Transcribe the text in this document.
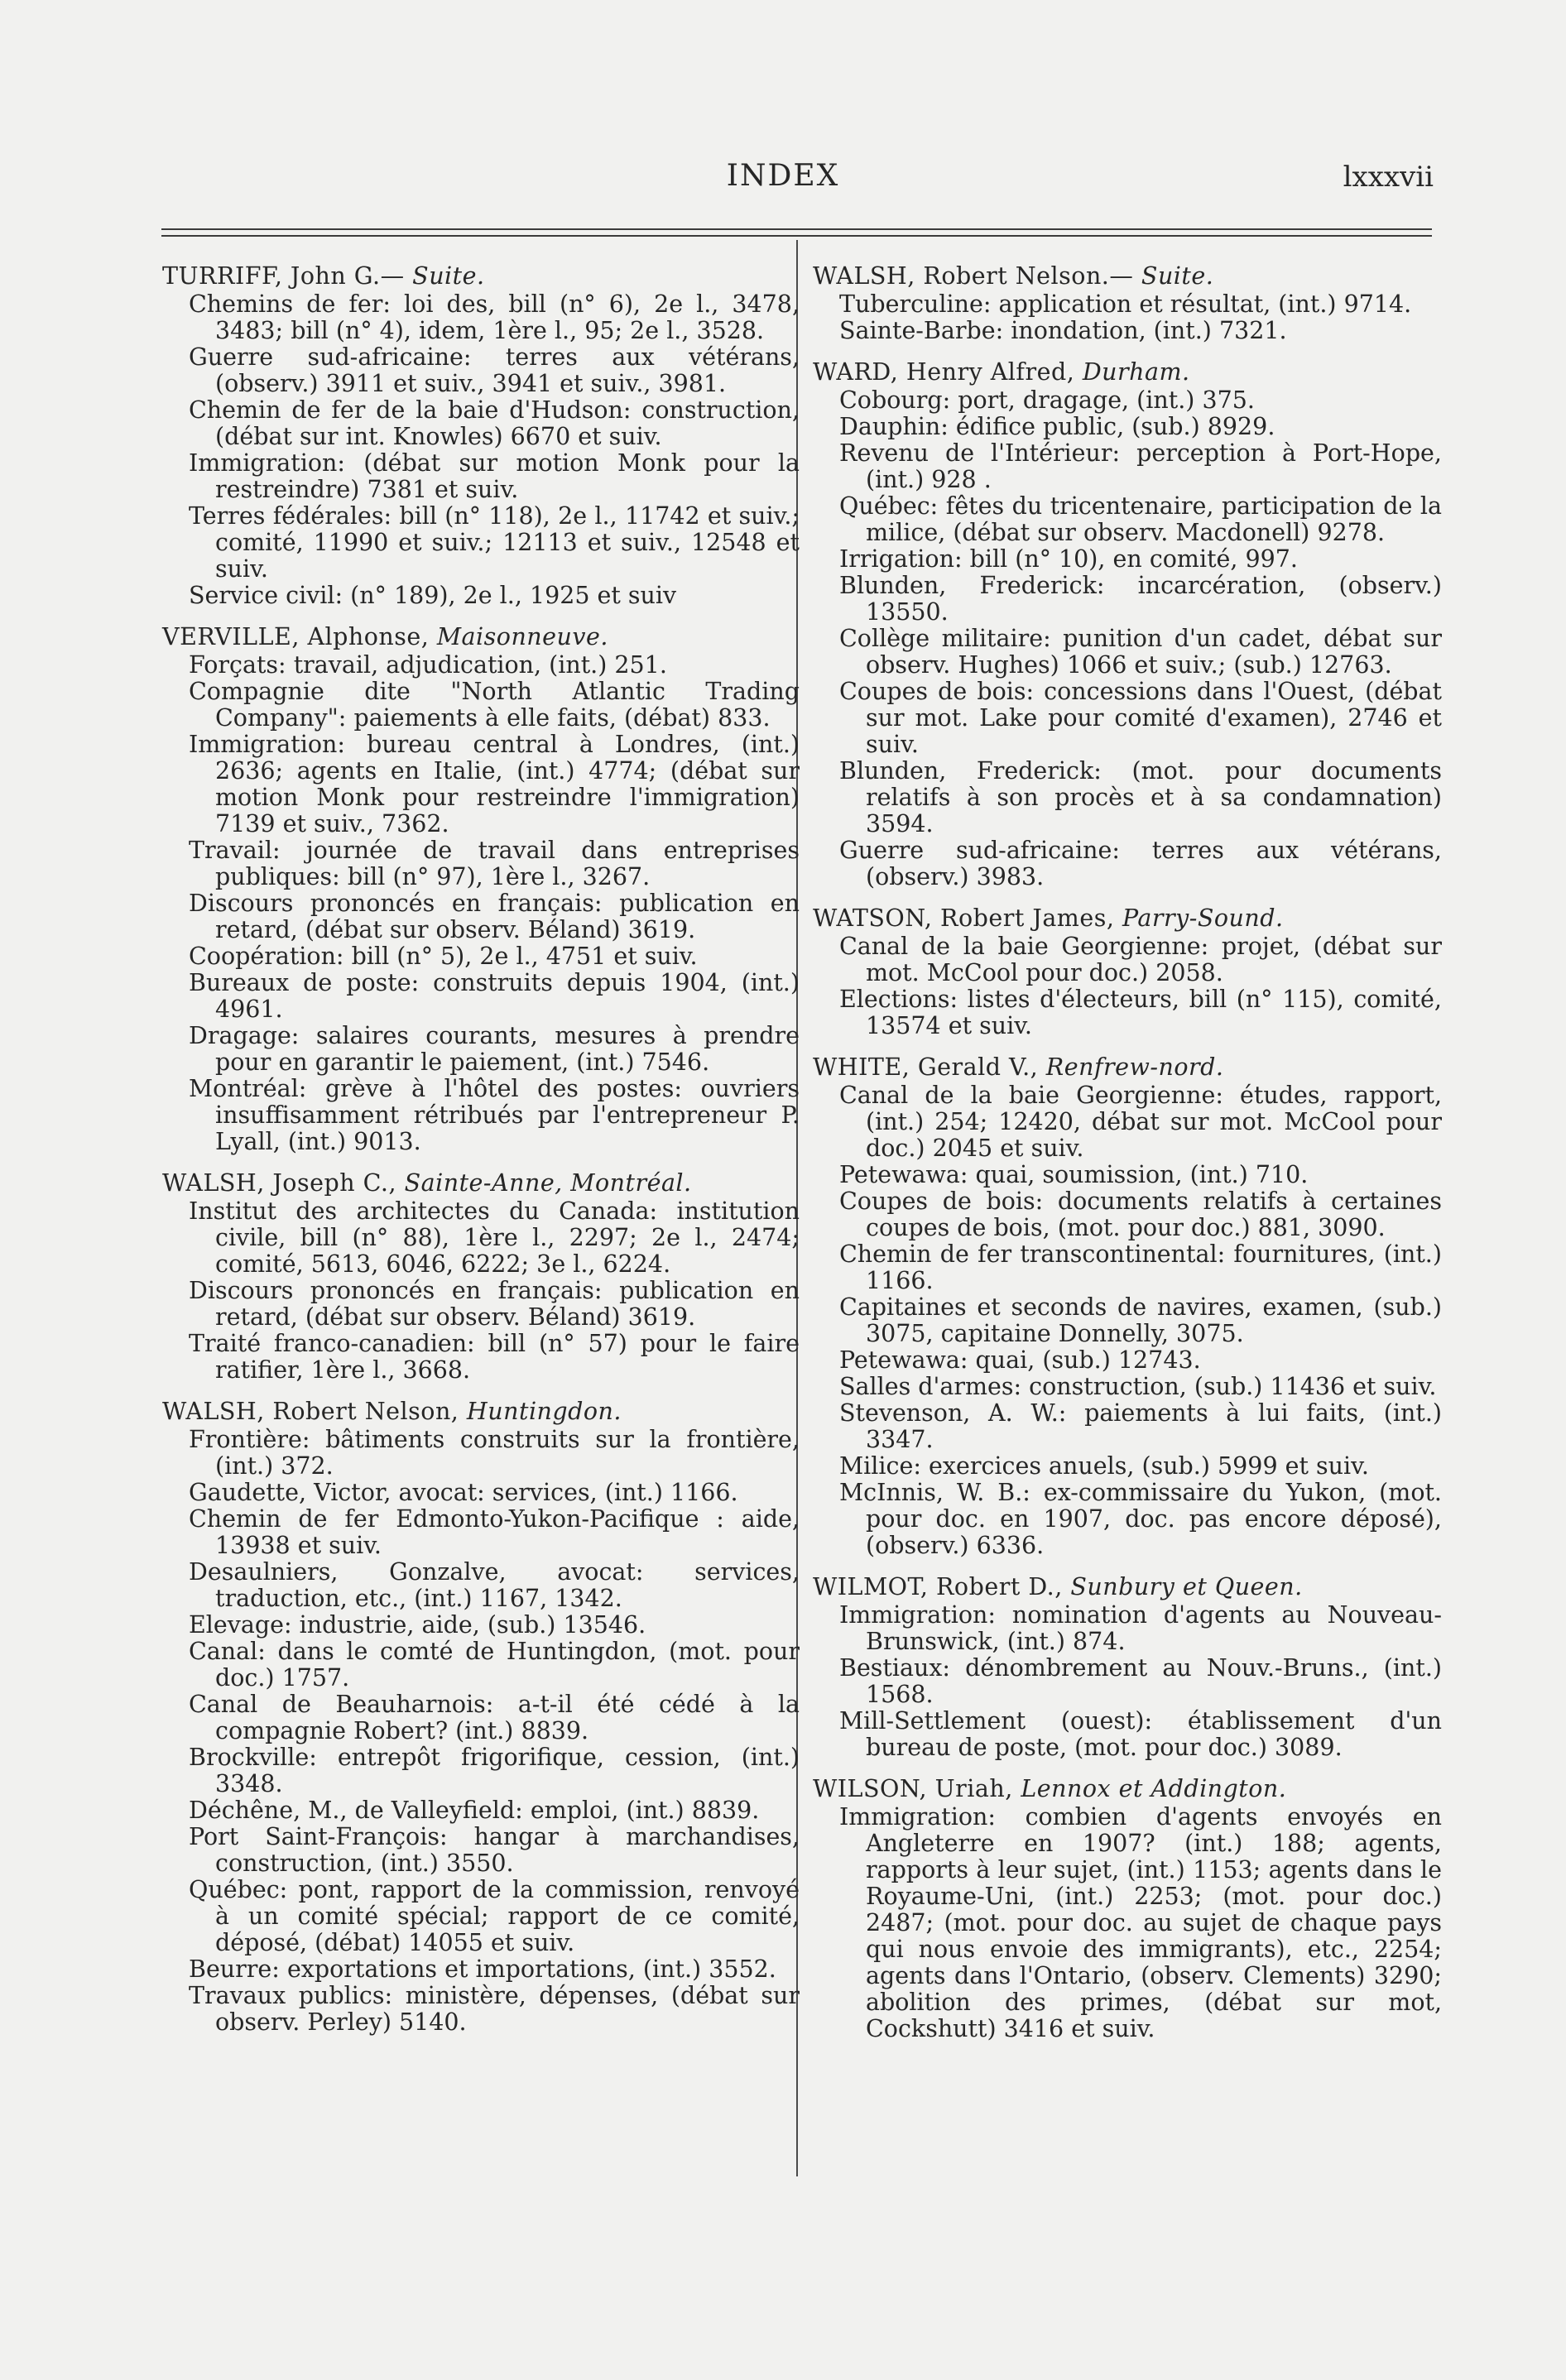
INDEX	lxxxvii
TURRIFF, John G.— Suite.
Chemins de fer: loi des, bill (n° 6), 2e l., 3478, 3483; bill (n° 4), idem, 1ère l., 95; 2e l., 3528.
Guerre sud-africaine: terres aux vétérans, (observ.) 3911 et suiv., 3941 et suiv., 3981.
Chemin de fer de la baie d'Hudson: construction, (débat sur int. Knowles) 6670 et suiv.
Immigration: (débat sur motion Monk pour la restreindre) 7381 et suiv.
Terres fédérales: bill (n° 118), 2e l., 11742 et suiv.; comité, 11990 et suiv.; 12113 et suiv., 12548 et suiv.
Service civil: (n° 189), 2e l., 1925 et suiv
VERVILLE, Alphonse, Maisonneuve.
Forçats: travail, adjudication, (int.) 251.
Compagnie dite "North Atlantic Trading Company": paiements à elle faits, (débat) 833.
Immigration: bureau central à Londres, (int.) 2636; agents en Italie, (int.) 4774; (débat sur motion Monk pour restreindre l'immigration) 7139 et suiv., 7362.
Travail: journée de travail dans entreprises publiques: bill (n° 97), 1ère l., 3267.
Discours prononcés en français: publication en retard, (débat sur observ. Béland) 3619.
Coopération: bill (n° 5), 2e l., 4751 et suiv.
Bureaux de poste: construits depuis 1904, (int.) 4961.
Dragage: salaires courants, mesures à prendre pour en garantir le paiement, (int.) 7546.
Montréal: grève à l'hôtel des postes: ouvriers insuffisamment rétribués par l'entrepreneur P. Lyall, (int.) 9013.
WALSH, Joseph C., Sainte-Anne, Montréal.
Institut des architectes du Canada: institution civile, bill (n° 88), 1ère l., 2297; 2e l., 2474; comité, 5613, 6046, 6222; 3e l., 6224.
Discours prononcés en français: publication en retard, (débat sur observ. Béland) 3619.
Traité franco-canadien: bill (n° 57) pour le faire ratifier, 1ère l., 3668.
WALSH, Robert Nelson, Huntingdon.
Frontière: bâtiments construits sur la frontière, (int.) 372.
Gaudette, Victor, avocat: services, (int.) 1166.
Chemin de fer Edmonto-Yukon-Pacifique : aide, 13938 et suiv.
Desaulniers, Gonzalve, avocat: services, traduction, etc., (int.) 1167, 1342.
Elevage: industrie, aide, (sub.) 13546.
Canal: dans le comté de Huntingdon, (mot. pour doc.) 1757.
Canal de Beauharnois: a-t-il été cédé à la compagnie Robert? (int.) 8839.
Brockville: entrepôt frigorifique, cession, (int.) 3348.
Déchêne, M., de Valleyfield: emploi, (int.) 8839.
Port Saint-François: hangar à marchandises, construction, (int.) 3550.
Québec: pont, rapport de la commission, renvoyé à un comité spécial; rapport de ce comité, déposé, (débat) 14055 et suiv.
Beurre: exportations et importations, (int.) 3552.
Travaux publics: ministère, dépenses, (débat sur observ. Perley) 5140.
WALSH, Robert Nelson.— Suite.
Tuberculine: application et résultat, (int.) 9714.
Sainte-Barbe: inondation, (int.) 7321.
WARD, Henry Alfred, Durham.
Cobourg: port, dragage, (int.) 375.
Dauphin: édifice public, (sub.) 8929.
Revenu de l'Intérieur: perception à Port-Hope, (int.) 928 .
Québec: fêtes du tricentenaire, participation de la milice, (débat sur observ. Macdonell) 9278.
Irrigation: bill (n° 10), en comité, 997.
Blunden, Frederick: incarcération, (observ.) 13550.
Collège militaire: punition d'un cadet, débat sur observ. Hughes) 1066 et suiv.; (sub.) 12763.
Coupes de bois: concessions dans l'Ouest, (débat sur mot. Lake pour comité d'examen), 2746 et suiv.
Blunden, Frederick: (mot. pour documents relatifs à son procès et à sa condamnation) 3594.
Guerre sud-africaine: terres aux vétérans, (observ.) 3983.
WATSON, Robert James, Parry-Sound.
Canal de la baie Georgienne: projet, (débat sur mot. McCool pour doc.) 2058.
Elections: listes d'électeurs, bill (n° 115), comité, 13574 et suiv.
WHITE, Gerald V., Renfrew-nord.
Canal de la baie Georgienne: études, rapport, (int.) 254; 12420, débat sur mot. McCool pour doc.) 2045 et suiv.
Petewawa: quai, soumission, (int.) 710.
Coupes de bois: documents relatifs à certaines coupes de bois, (mot. pour doc.) 881, 3090.
Chemin de fer transcontinental: fournitures, (int.) 1166.
Capitaines et seconds de navires, examen, (sub.) 3075, capitaine Donnelly, 3075.
Petewawa: quai, (sub.) 12743.
Salles d'armes: construction, (sub.) 11436 et suiv.
Stevenson, A. W.: paiements à lui faits, (int.) 3347.
Milice: exercices anuels, (sub.) 5999 et suiv.
McInnis, W. B.: ex-commissaire du Yukon, (mot. pour doc. en 1907, doc. pas encore déposé), (observ.) 6336.
WILMOT, Robert D., Sunbury et Queen.
Immigration: nomination d'agents au Nouveau-Brunswick, (int.) 874.
Bestiaux: dénombrement au Nouv.-Bruns., (int.) 1568.
Mill-Settlement (ouest): établissement d'un bureau de poste, (mot. pour doc.) 3089.
WILSON, Uriah, Lennox et Addington.
Immigration: combien d'agents envoyés en Angleterre en 1907? (int.) 188; agents, rapports à leur sujet, (int.) 1153; agents dans le Royaume-Uni, (int.) 2253; (mot. pour doc.) 2487; (mot. pour doc. au sujet de chaque pays qui nous envoie des immigrants), etc., 2254; agents dans l'Ontario, (observ. Clements) 3290; abolition des primes, (débat sur mot, Cockshutt) 3416 et suiv.
